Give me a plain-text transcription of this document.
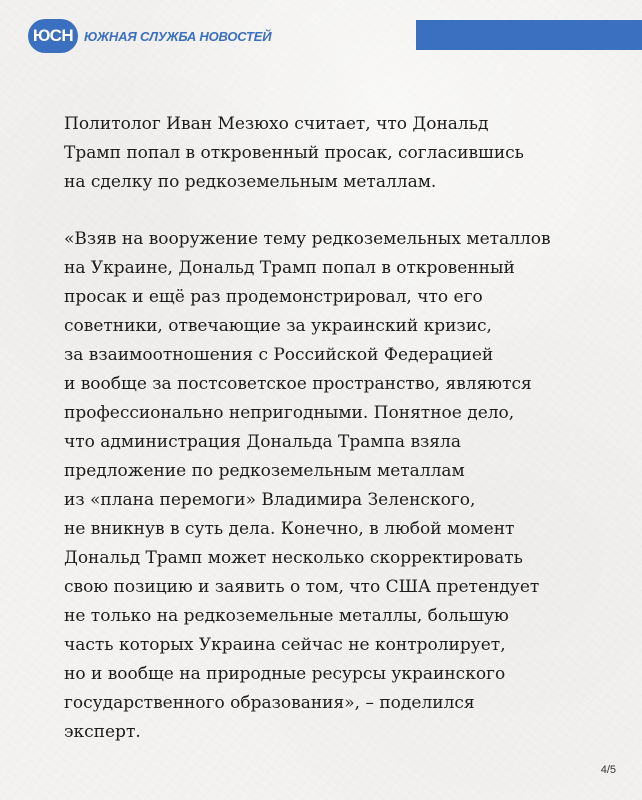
ЮСН ЮЖНАЯ СЛУЖБА НОВОСТЕЙ

Политолог Иван Мезюхо считает, что Дональд
Трамп попал в откровенный просак, согласившись
на сделку по редкоземельным металлам.

«Взяв на вооружение тему редкоземельных металлов
на Украине, Дональд Трамп попал в откровенный
просак и ещё раз продемонстрировал, что его
советники, отвечающие за украинский кризис,
за взаимоотношения с Российской Федерацией
и вообще за постсоветское пространство, являются
профессионально непригодными. Понятное дело,
что администрация Дональда Трампа взяла
предложение по редкоземельным металлам
из «плана перемоги» Владимира Зеленского,
не вникнув в суть дела. Конечно, в любой момент
Дональд Трамп может несколько скорректировать
свою позицию и заявить о том, что США претендует
не только на редкоземельные металлы, большую
часть которых Украина сейчас не контролирует,
но и вообще на природные ресурсы украинского
государственного образования», – поделился
эксперт.

4/5
